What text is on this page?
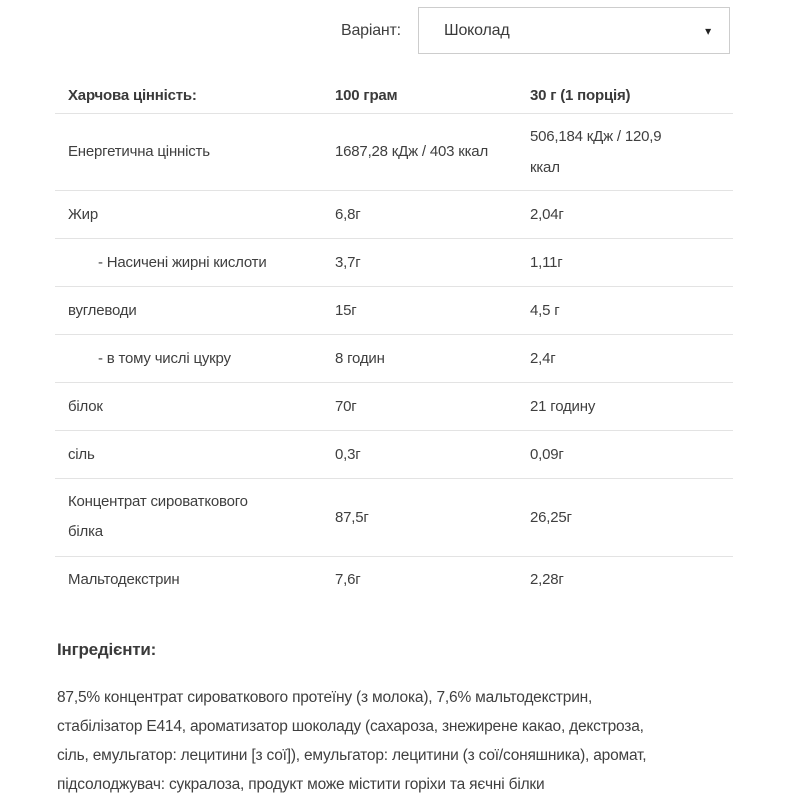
Варіант:	Шоколад	▾
Харчова цінність:	100 грам	30 г (1 порція)
Енергетична цінність	1687,28 кДж / 403 ккал	506,184 кДж / 120,9 ккал
Жир	6,8г	2,04г
- Насичені жирні кислоти	3,7г	1,11г
вуглеводи	15г	4,5 г
- в тому числі цукру	8 годин	2,4г
білок	70г	21 годину
сіль	0,3г	0,09г
Концентрат сироваткового білка	87,5г	26,25г
Мальтодекстрин	7,6г	2,28г
Інгредієнти:
87,5% концентрат сироваткового протеїну (з молока), 7,6% мальтодекстрин,
стабілізатор Е414, ароматизатор шоколаду (сахароза, знежирене какао, декстроза,
сіль, емульгатор: лецитини [з сої]), емульгатор: лецитини (з сої/соняшника), аромат,
підсолоджувач: сукралоза, продукт може містити горіхи та яєчні білки
